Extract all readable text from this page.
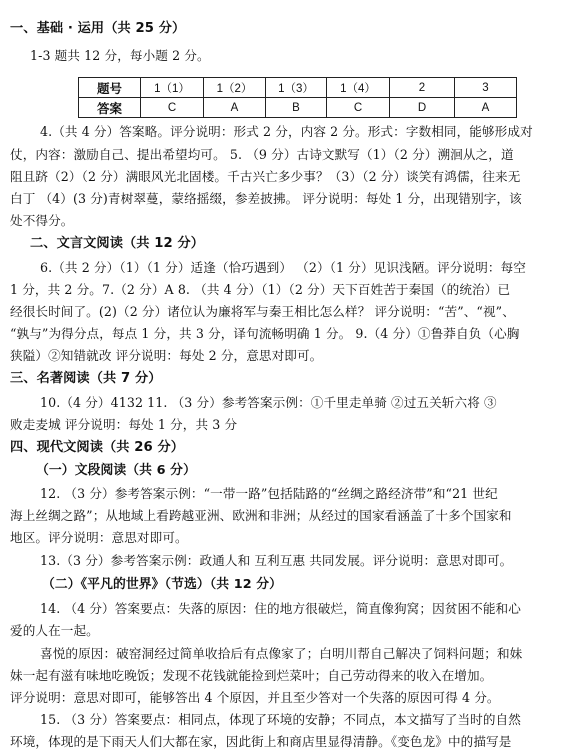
一、基础 · 运用（共 25 分）
1-3 题共 12 分，每小题 2 分。
题号	1（1）	1（2）	1（3）	1（4）	2	3
答案	C	A	B	C	D	A
4.（共 4 分）答案略。评分说明：形式 2 分，内容 2 分。形式：字数相同，能够形成对
仗，内容：激励自己、提出希望均可。 5. （9 分）古诗文默写（1）（2 分）溯洄从之，道
阻且跻（2）（2 分）满眼风光北固楼。千古兴亡多少事？（3）（2 分）谈笑有鸿儒，往来无
白丁 （4）(3 分)青树翠蔓，蒙络摇缀，参差披拂。 评分说明：每处 1 分，出现错别字，该
处不得分。
二、文言文阅读（共 12 分）
6.（共 2 分）（1）（1 分）适逢（恰巧遇到） （2）（1 分）见识浅陋。评分说明：每空
1 分，共 2 分。7.（2 分）A 8. （共 4 分）（1）（2 分）天下百姓苦于秦国（的统治）已
经很长时间了。(2)（2 分）诸位认为廉将军与秦王相比怎么样？ 评分说明：“苦”、“视”、
“孰与”为得分点，每点 1 分，共 3 分，译句流畅明确 1 分。 9.（4 分）①鲁莽自负（心胸
狭隘）②知错就改 评分说明：每处 2 分，意思对即可。
三、名著阅读（共 7 分）
10.（4 分）4132 11. （3 分）参考答案示例：①千里走单骑 ②过五关斩六将 ③
败走麦城 评分说明：每处 1 分，共 3 分
四、现代文阅读（共 26 分）
（一）文段阅读（共 6 分）
12. （3 分）参考答案示例：“一带一路”包括陆路的“丝绸之路经济带”和“21 世纪
海上丝绸之路”；从地域上看跨越亚洲、欧洲和非洲；从经过的国家看涵盖了十多个国家和
地区。评分说明：意思对即可。
13.（3 分）参考答案示例：政通人和 互利互惠 共同发展。评分说明：意思对即可。
（二）《平凡的世界》（节选）（共 12 分）
14. （4 分）答案要点：失落的原因：住的地方很破烂，简直像狗窝；因贫困不能和心
爱的人在一起。
喜悦的原因：破窑洞经过简单收拾后有点像家了；白明川帮自己解决了饲料问题；和妹
妹一起有滋有味地吃晚饭；发现不花钱就能捡到烂菜叶；自己劳动得来的收入在增加。
评分说明：意思对即可，能够答出 4 个原因，并且至少答对一个失落的原因可得 4 分。
15. （3 分）答案要点：相同点，体现了环境的安静；不同点，本文描写了当时的自然
环境，体现的是下雨天人们大都在家，因此街上和商店里显得清静。《变色龙》中的描写是
